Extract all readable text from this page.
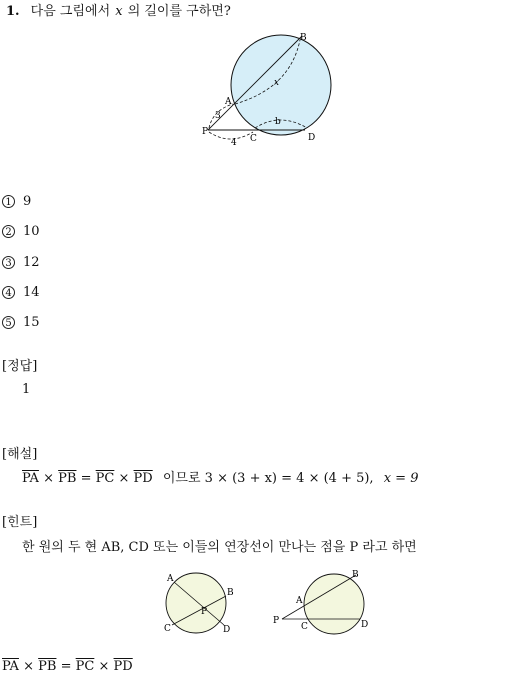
1. 다음 그림에서 x 의 길이를 구하면?
B
A
x
3
P
4 C
b
D
1 9
2 10
3 12
4 14
5 15
[정답]
1
[해설]
$\overline{PA} \times \overline{PB} = \overline{PC} \times \overline{PD}$ 이므로 3 × (3 + x) = 4 × (4 + 5), x = 9
[힌트]
한 원의 두 현 AB, CD 또는 이들의 연장선이 만나는 점을 P 라고 하면
A
B
P
C	D
B
A
P
C	D
$\overline{PA} \times \overline{PB} = \overline{PC} \times \overline{PD}$
